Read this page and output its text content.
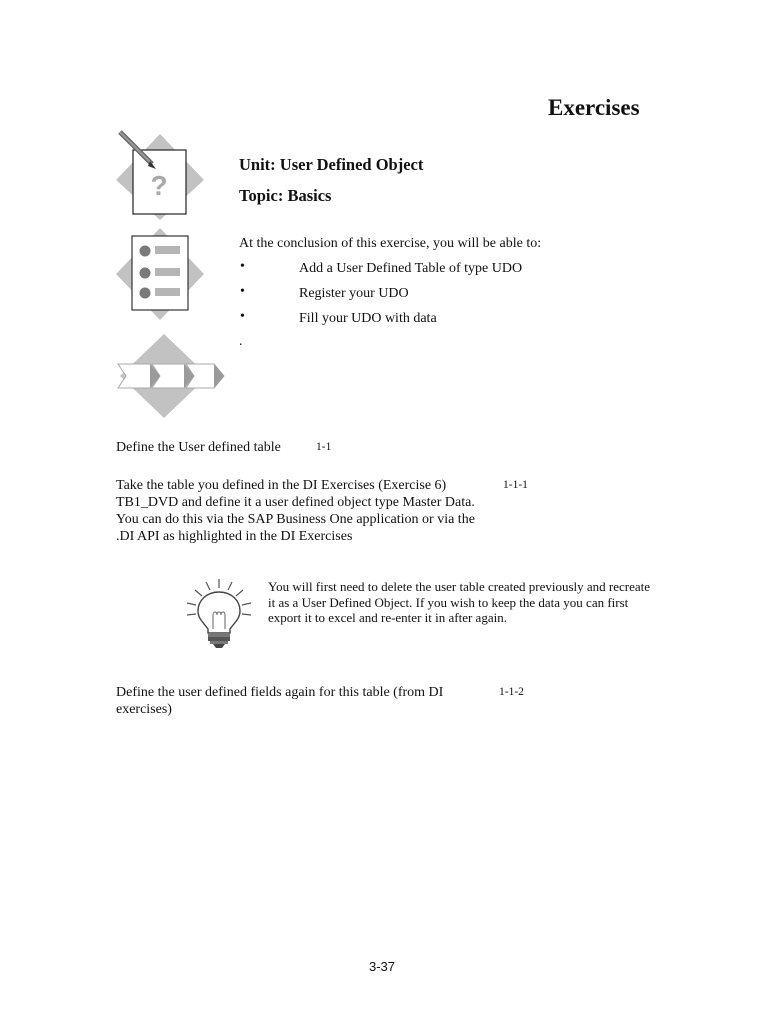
Exercises
?
Unit: User Defined Object
Topic: Basics
At the conclusion of this exercise, you will be able to:
•	Add a User Defined Table of type UDO
•	Register your UDO
•	Fill your UDO with data
.
Define the User defined table	1-1
Take the table you defined in the DI Exercises (Exercise 6)	1-1-1
TB1_DVD and define it a user defined object type Master Data.
You can do this via the SAP Business One application or via the
.DI API as highlighted in the DI Exercises
You will first need to delete the user table created previously and recreate
it as a User Defined Object. If you wish to keep the data you can first
export it to excel and re-enter it in after again.
Define the user defined fields again for this table (from DI	1-1-2
exercises)
3-37
